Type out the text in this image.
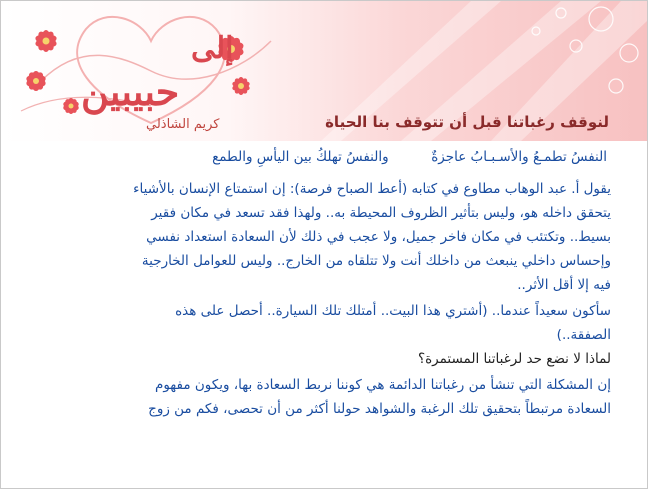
إلى
حبيبين
كريم الشاذلي	لنوقف رغباتنا قبل أن تتوقف بنا الحياة
النفسُ تطمـعُ والأسـبـابُ عاجزةٌ  والنفسُ تهلكُ بين اليأسِ والطمع
يقول أ. عبد الوهاب مطاوع في كتابه (أعط الصباح فرصة): إن استمتاع الإنسان بالأشياء
يتحقق داخله هو، وليس بتأثير الظروف المحيطة به.. ولهذا فقد تسعد في مكان فقير
بسيط.. وتكتئب في مكان فاخر جميل، ولا عجب في ذلك لأن السعادة استعداد نفسي
وإحساس داخلي ينبعث من داخلك أنت ولا تتلقاه من الخارج.. وليس للعوامل الخارجية
فيه إلا أقل الأثر..
سأكون سعيداً عندما.. (أشتري هذا البيت.. أمتلك تلك السيارة.. أحصل على هذه
الصفقة..)
لماذا لا نضع حد لرغباتنا المستمرة؟
إن المشكلة التي تنشأ من رغباتنا الدائمة هي كوننا نربط السعادة بها، ويكون مفهوم
السعادة مرتبطاً بتحقيق تلك الرغبة والشواهد حولنا أكثر من أن تحصى، فكم من زوج
